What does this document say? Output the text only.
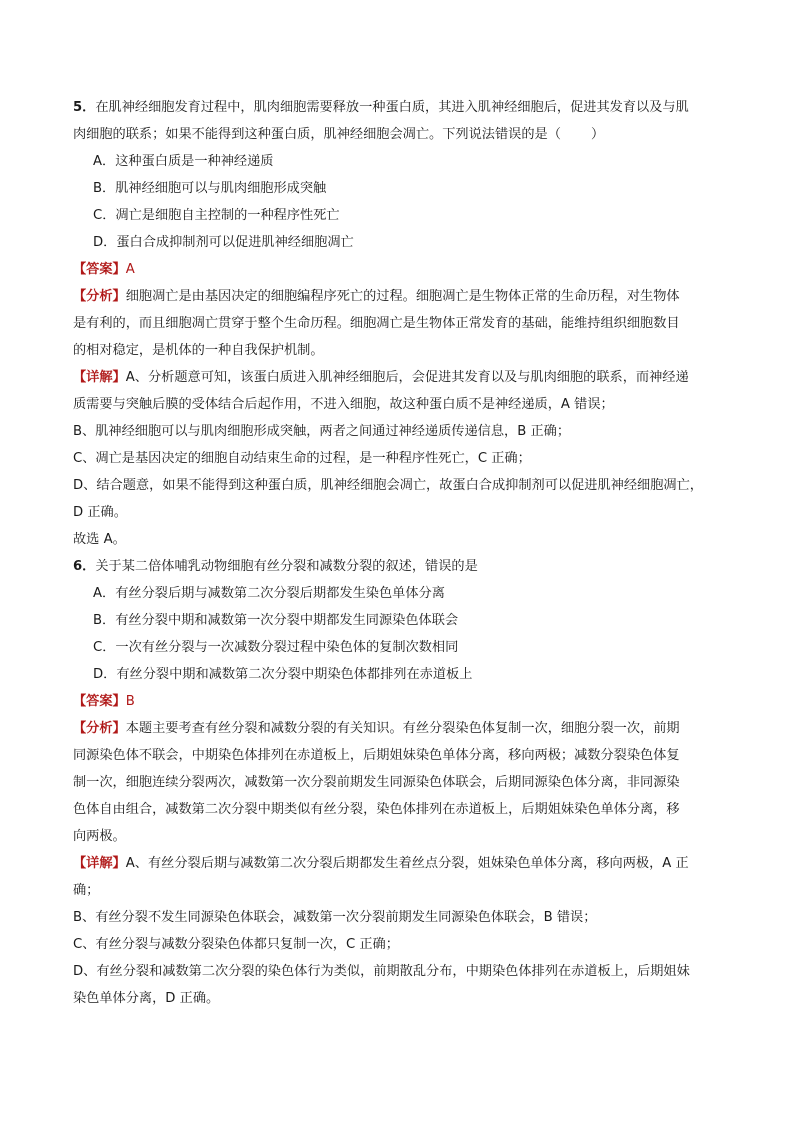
5．在肌神经细胞发育过程中，肌肉细胞需要释放一种蛋白质，其进入肌神经细胞后，促进其发育以及与肌
肉细胞的联系；如果不能得到这种蛋白质，肌神经细胞会凋亡。下列说法错误的是（ ）
A．这种蛋白质是一种神经递质
B．肌神经细胞可以与肌肉细胞形成突触
C．凋亡是细胞自主控制的一种程序性死亡
D．蛋白合成抑制剂可以促进肌神经细胞凋亡
【答案】A
【分析】细胞凋亡是由基因决定的细胞编程序死亡的过程。细胞凋亡是生物体正常的生命历程，对生物体
是有利的，而且细胞凋亡贯穿于整个生命历程。细胞凋亡是生物体正常发育的基础，能维持组织细胞数目
的相对稳定，是机体的一种自我保护机制。
【详解】A、分析题意可知，该蛋白质进入肌神经细胞后，会促进其发育以及与肌肉细胞的联系，而神经递
质需要与突触后膜的受体结合后起作用，不进入细胞，故这种蛋白质不是神经递质，A 错误；
B、肌神经细胞可以与肌肉细胞形成突触，两者之间通过神经递质传递信息，B 正确；
C、凋亡是基因决定的细胞自动结束生命的过程，是一种程序性死亡，C 正确；
D、结合题意，如果不能得到这种蛋白质，肌神经细胞会凋亡，故蛋白合成抑制剂可以促进肌神经细胞凋亡，
D 正确。
故选 A。
6．关于某二倍体哺乳动物细胞有丝分裂和减数分裂的叙述，错误的是
A．有丝分裂后期与减数第二次分裂后期都发生染色单体分离
B．有丝分裂中期和减数第一次分裂中期都发生同源染色体联会
C．一次有丝分裂与一次减数分裂过程中染色体的复制次数相同
D．有丝分裂中期和减数第二次分裂中期染色体都排列在赤道板上
【答案】B
【分析】本题主要考查有丝分裂和减数分裂的有关知识。有丝分裂染色体复制一次，细胞分裂一次，前期
同源染色体不联会，中期染色体排列在赤道板上，后期姐妹染色单体分离，移向两极；减数分裂染色体复
制一次，细胞连续分裂两次，减数第一次分裂前期发生同源染色体联会，后期同源染色体分离，非同源染
色体自由组合，减数第二次分裂中期类似有丝分裂，染色体排列在赤道板上，后期姐妹染色单体分离，移
向两极。
【详解】A、有丝分裂后期与减数第二次分裂后期都发生着丝点分裂，姐妹染色单体分离，移向两极，A 正
确；
B、有丝分裂不发生同源染色体联会，减数第一次分裂前期发生同源染色体联会，B 错误；
C、有丝分裂与减数分裂染色体都只复制一次，C 正确；
D、有丝分裂和减数第二次分裂的染色体行为类似，前期散乱分布，中期染色体排列在赤道板上，后期姐妹
染色单体分离，D 正确。
